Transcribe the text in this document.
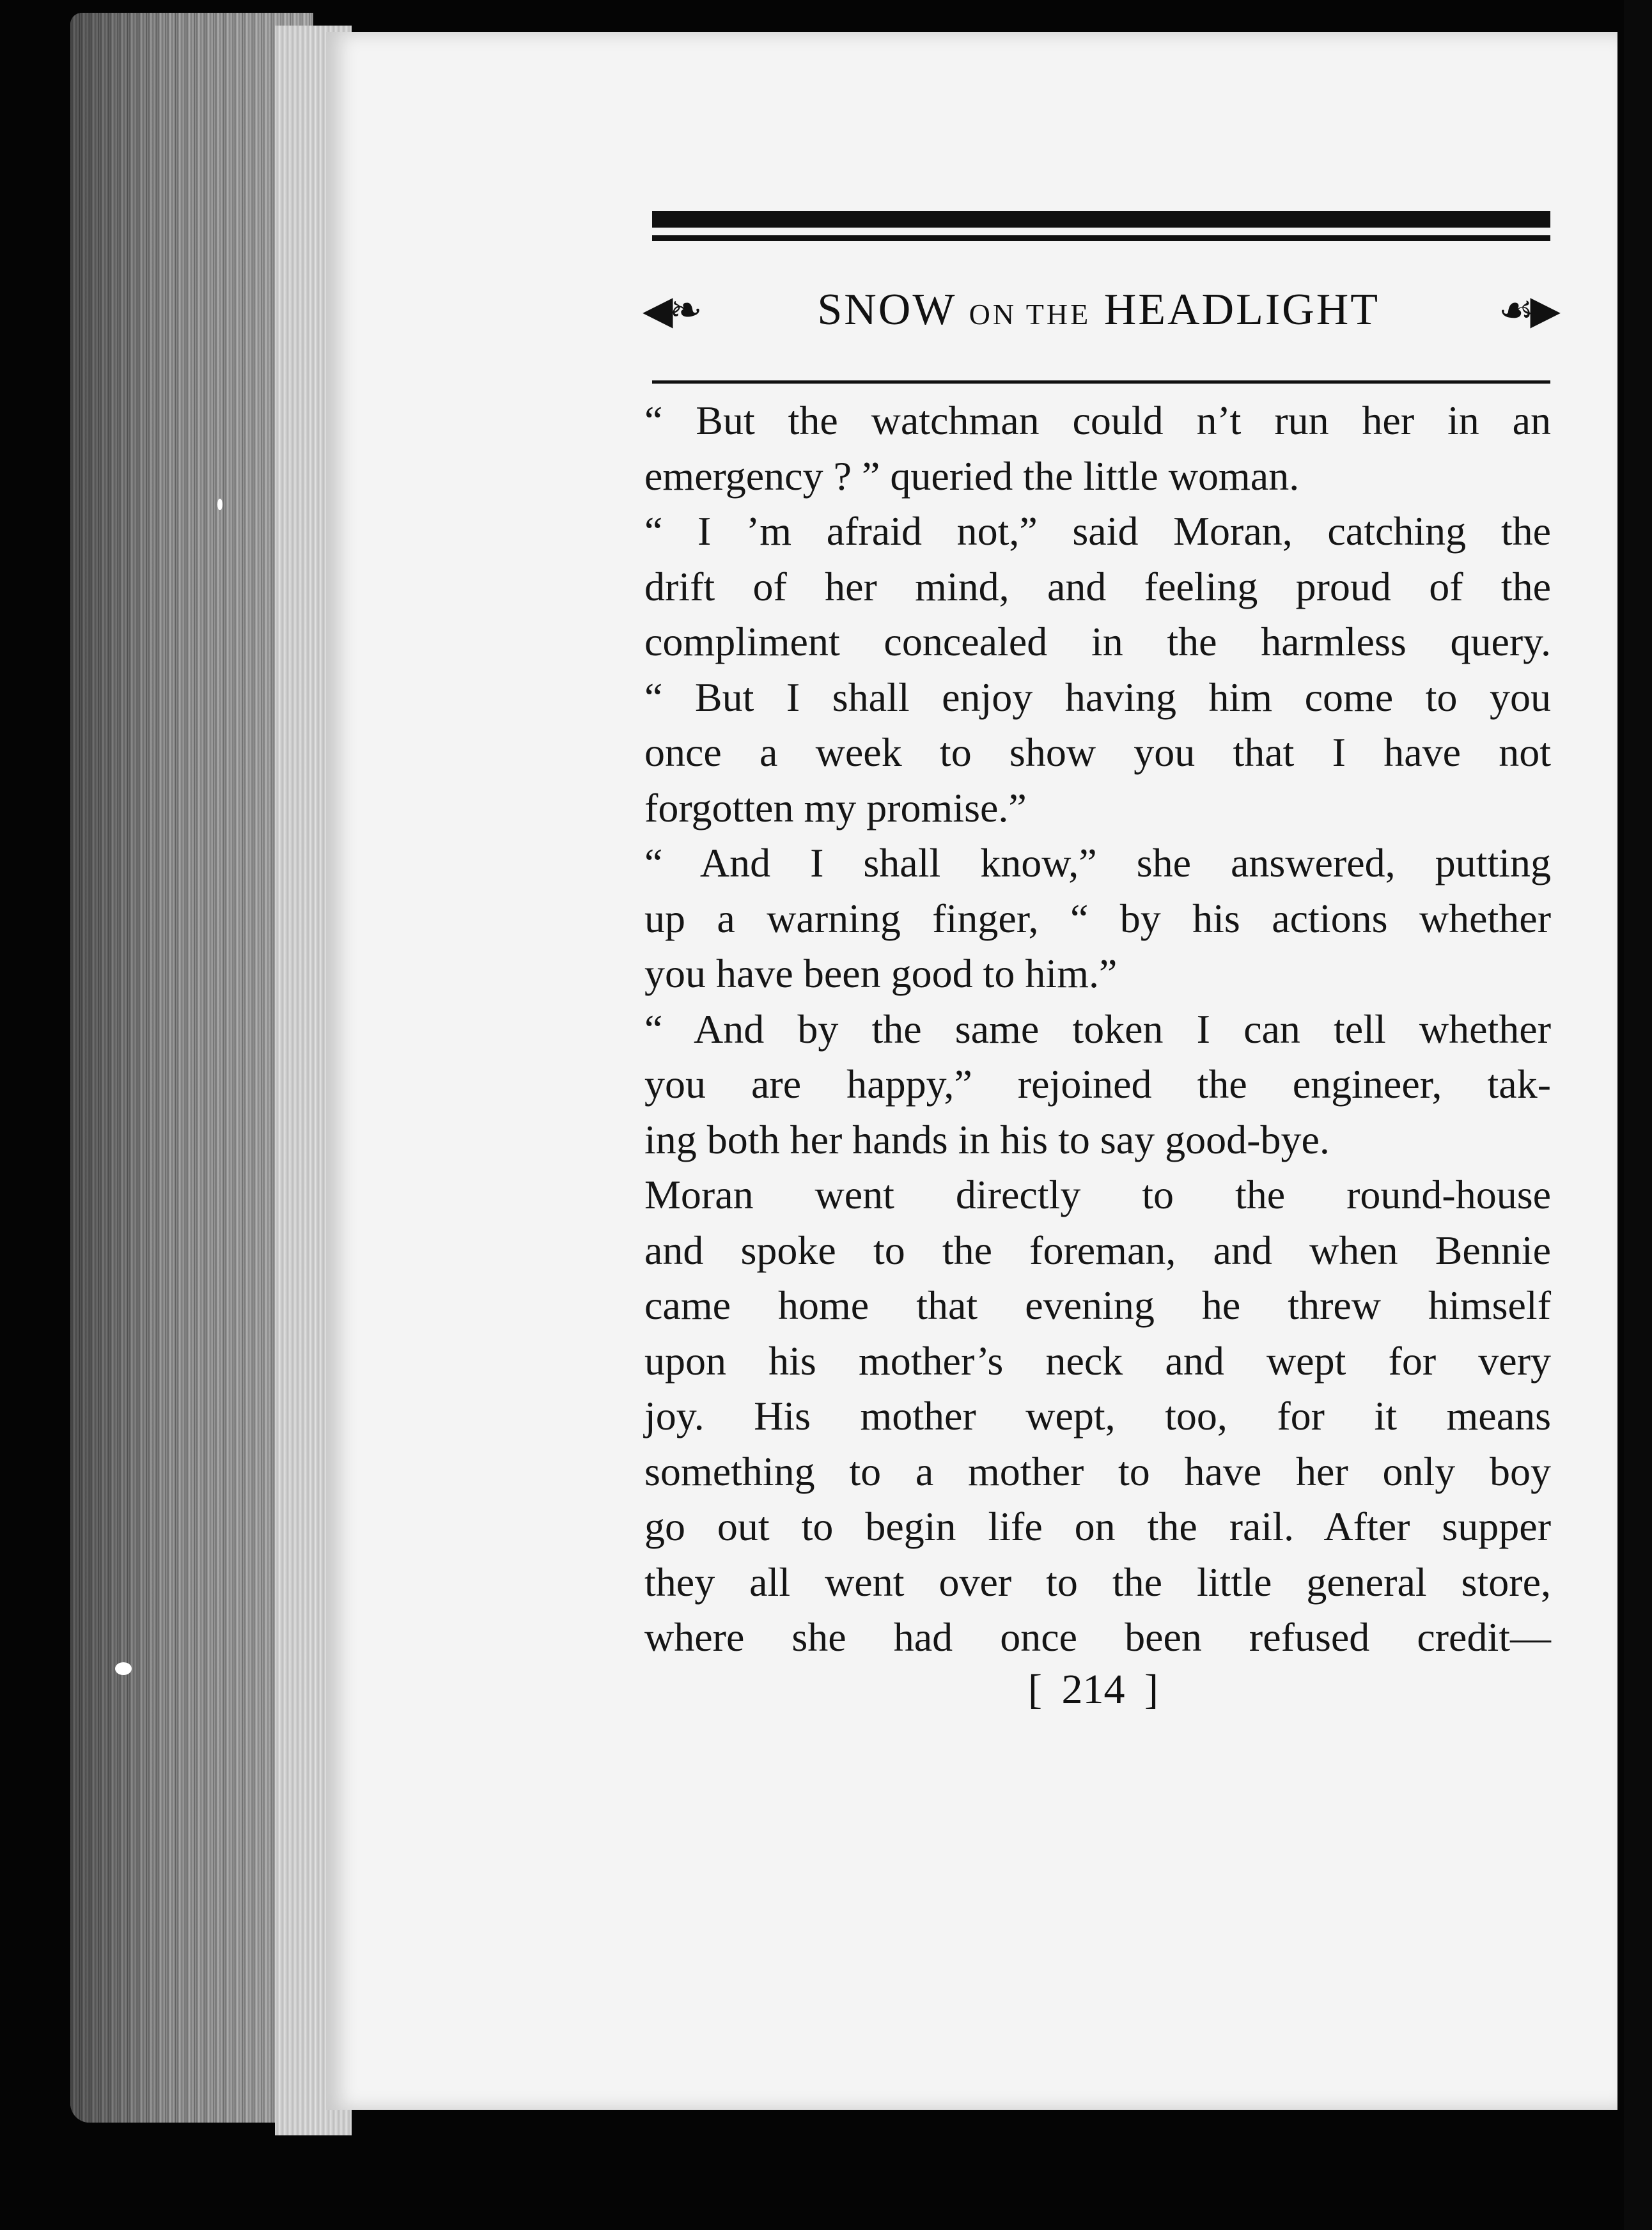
◀❧	SNOW ON THE HEADLIGHT	☙▶
“ But the watchman could n’t run her in an
emergency ? ” queried the little woman.
“ I ’m afraid not,” said Moran, catching the
drift of her mind, and feeling proud of the
compliment concealed in the harmless query.
“ But I shall enjoy having him come to you
once a week to show you that I have not
forgotten my promise.”
“ And I shall know,” she answered, putting
up a warning finger, “ by his actions whether
you have been good to him.”
“ And by the same token I can tell whether
you are happy,” rejoined the engineer, tak-
ing both her hands in his to say good-bye.
Moran went directly to the round-house
and spoke to the foreman, and when Bennie
came home that evening he threw himself
upon his mother’s neck and wept for very
joy. His mother wept, too, for it means
something to a mother to have her only boy
go out to begin life on the rail. After supper
they all went over to the little general store,
where she had once been refused credit—
[ 214 ]
